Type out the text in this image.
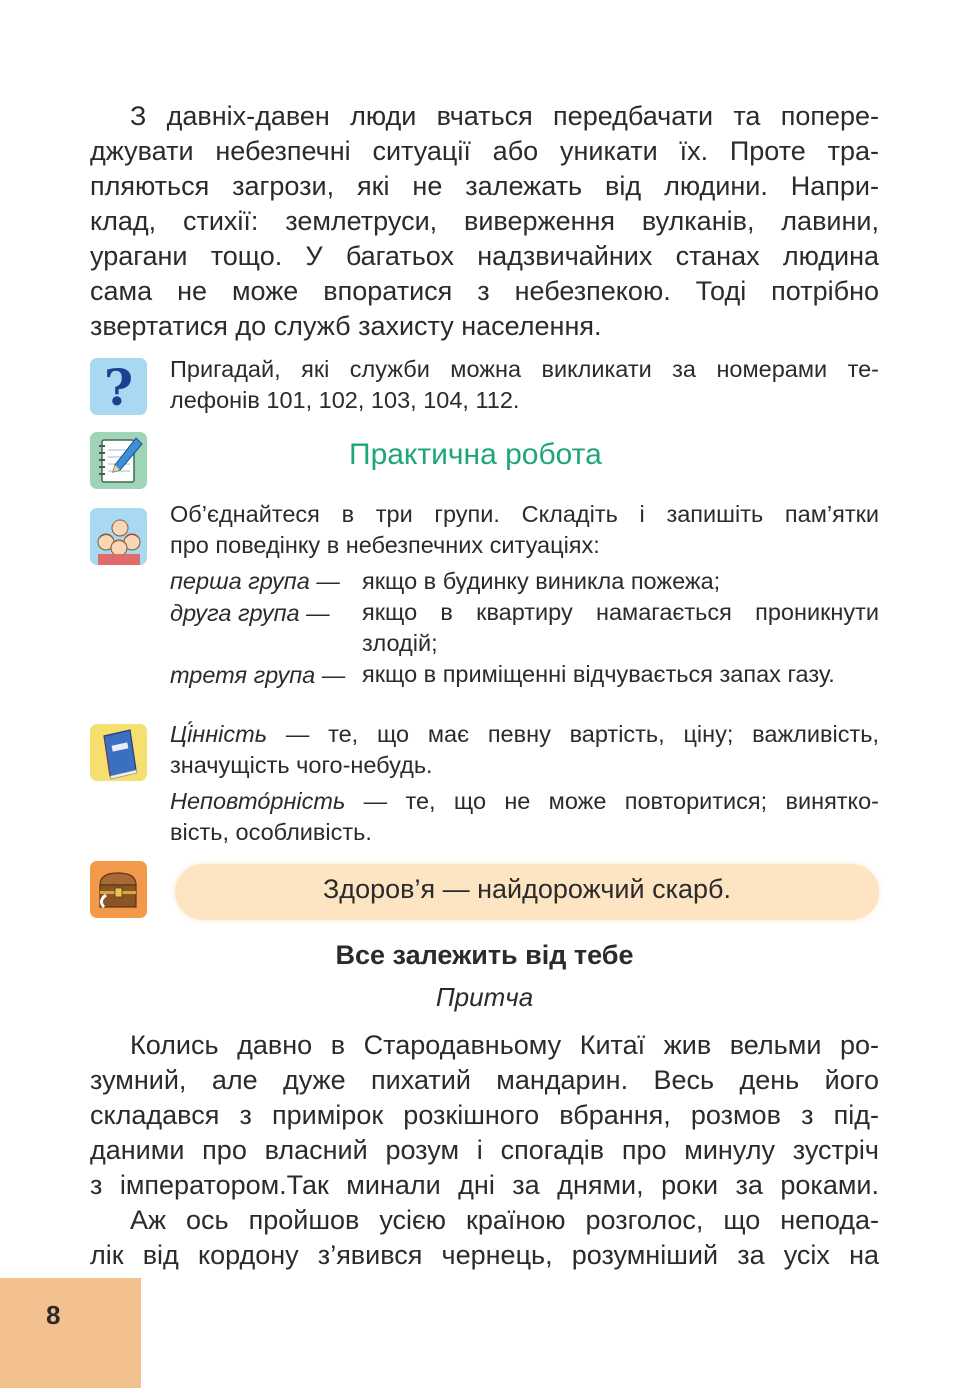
З давніх-давен люди вчаться передбачати та попере-
джувати небезпечні ситуації або уникати їх. Проте тра-
пляються загрози, які не залежать від людини. Напри-
клад, стихії: землетруси, виверження вулканів, лавини,
урагани тощо. У багатьох надзвичайних станах людина
сама не може впоратися з небезпекою. Тоді потрібно
звертатися до служб захисту населення.
? Пригадай, які служби можна викликати за номерами те-
лефонів 101, 102, 103, 104, 112.
Практична робота
Об’єднайтеся в три групи. Складіть і запишіть пам’ятки
про поведінку в небезпечних ситуаціях:
перша група — якщо в будинку виникла пожежа;
друга група — якщо в квартиру намагається проникнути злодій;
третя група — якщо в приміщенні відчувається запах газу.
Ці́нність — те, що має певну вартість, ціну; важливість,
значущість чого-небудь.
Неповто́рність — те, що не може повторитися; винятко-
вість, особливість.
Здоров’я — найдорожчий скарб.
Все залежить від тебе
Притча
Колись давно в Стародавньому Китаї жив вельми ро-
зумний, але дуже пихатий мандарин. Весь день його
складався з примірок розкішного вбрання, розмов з під-
даними про власний розум і спогадів про минулу зустріч
з імператором.Так минали дні за днями, роки за роками.
Аж ось пройшов усією країною розголос, що непода-
лік від кордону з’явився чернець, розумніший за усіх на
8
